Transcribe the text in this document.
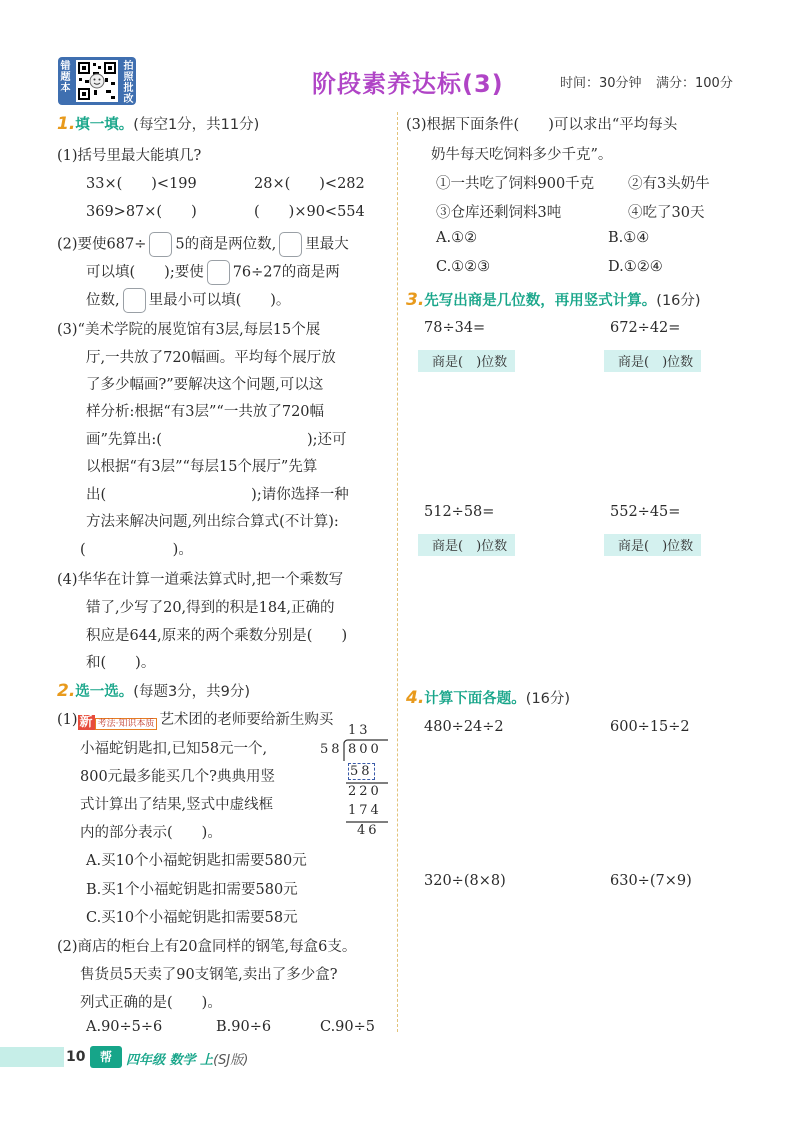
错题本
拍照批改
阶段素养达标(3)	时间：30分钟 满分：100分
1.填一填。(每空1分，共11分)
(1)括号里最大能填几?
33×(　　)<199	28×(　　)<282
369>87×(　　)	(　　)×90<554
(2)要使687÷ 5的商是两位数, 里最大
可以填(　　);要使 76÷27的商是两
位数, 里最小可以填(　　)。
(3)“美术学院的展览馆有3层,每层15个展
厅,一共放了720幅画。平均每个展厅放
了多少幅画?”要解决这个问题,可以这
样分析:根据“有3层”“一共放了720幅
画”先算出:(　　　　　　　　　　);还可
以根据“有3层”“每层15个展厅”先算
出(　　　　　　　　　　);请你选择一种
方法来解决问题,列出综合算式(不计算):
(　　　　　　)。
(4)华华在计算一道乘法算式时,把一个乘数写
错了,少写了20,得到的积是184,正确的
积应是644,原来的两个乘数分别是(　　)
和(　　)。
2.选一选。(每题3分，共9分)
(1) 新 考法·知识本质 艺术团的老师要给新生购买
小福蛇钥匙扣,已知58元一个,
800元最多能买几个?典典用竖
式计算出了结果,竖式中虚线框
内的部分表示(　　)。
13
58 800
58
220
174
46
A.买10个小福蛇钥匙扣需要580元
B.买1个小福蛇钥匙扣需要580元
C.买10个小福蛇钥匙扣需要58元
(2)商店的柜台上有20盒同样的钢笔,每盒6支。
售货员5天卖了90支钢笔,卖出了多少盒?
列式正确的是(　　)。
A.90÷5÷6	B.90÷6	C.90÷5
(3)根据下面条件(　　)可以求出“平均每头
奶牛每天吃饲料多少千克”。
①一共吃了饲料900千克 ②有3头奶牛
③仓库还剩饲料3吨	④吃了30天
A.①②	B.①④
C.①②③	D.①②④
3.先写出商是几位数，再用竖式计算。(16分)
78÷34=	672÷42=
商是(　)位数	商是(　)位数
512÷58=	552÷45=
商是(　)位数	商是(　)位数
4.计算下面各题。(16分)
480÷24÷2	600÷15÷2
320÷(8×8)	630÷(7×9)
10	帮	四年级 数学 上(SJ版)
